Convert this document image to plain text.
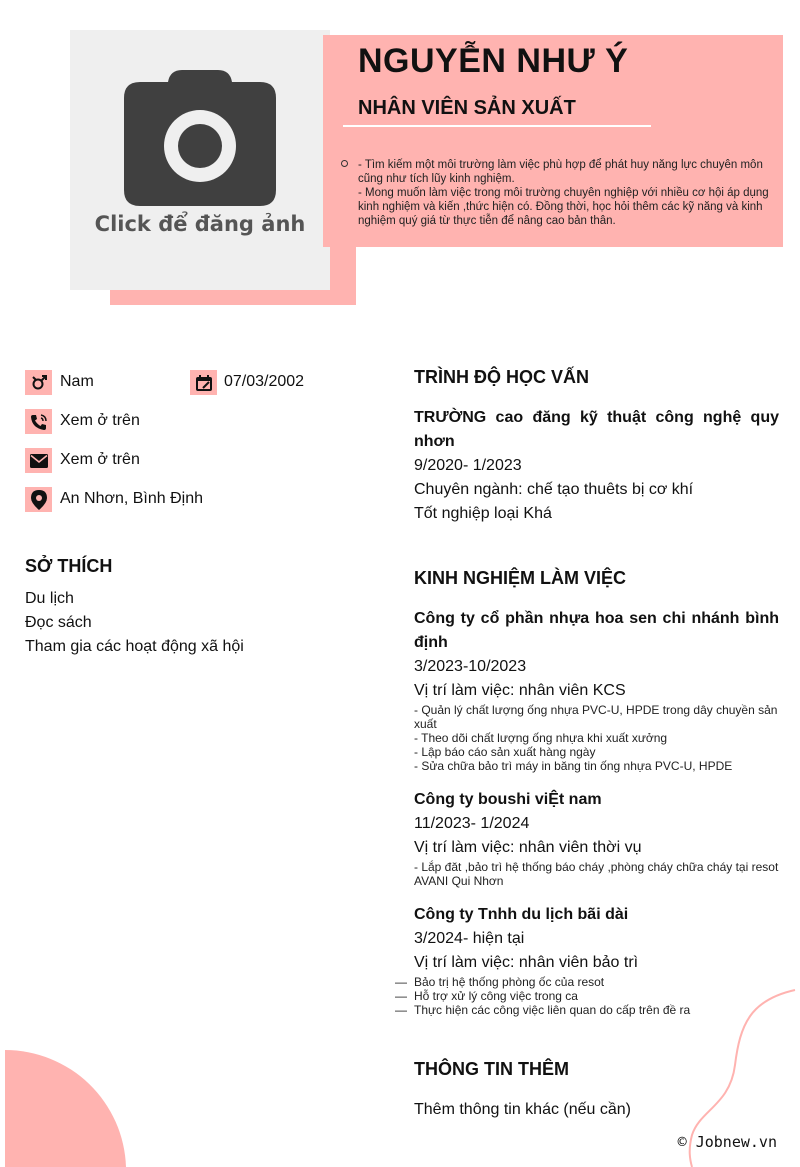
Click để đăng ảnh
NGUYỄN NHƯ Ý
NHÂN VIÊN SẢN XUẤT
- Tìm kiếm một môi trường làm việc phù hợp để phát huy năng lực chuyên môn cũng như tích lũy kinh nghiệm.
- Mong muốn làm việc trong môi trường chuyên nghiệp với nhiều cơ hội áp dụng kinh nghiệm và kiến ,thức hiện có. Đồng thời, học hỏi thêm các kỹ năng và kinh nghiệm quý giá từ thực tiễn để nâng cao bản thân.
Nam	07/03/2002
Xem ở trên
Xem ở trên
An Nhơn, Bình Định
SỞ THÍCH
Du lịch
Đọc sách
Tham gia các hoạt động xã hội
TRÌNH ĐỘ HỌC VẤN
TRƯỜNG cao đăng kỹ thuật công nghệ quy nhơn
9/2020- 1/2023
Chuyên ngành: chế tạo thuêts bị cơ khí
Tốt nghiệp loại Khá
KINH NGHIỆM LÀM VIỆC
Công ty cổ phần nhựa hoa sen chi nhánh bình định
3/2023-10/2023
Vị trí làm việc: nhân viên KCS
- Quản lý chất lượng ống nhựa PVC-U, HPDE trong dây chuyền sản xuất
- Theo dõi chất lượng ống nhựa khi xuất xưởng
- Lập báo cáo sản xuất hàng ngày
- Sửa chữa bảo trì máy in băng tin ống nhựa PVC-U, HPDE
Công ty boushi viỆt nam
11/2023- 1/2024
Vị trí làm việc: nhân viên thời vụ
- Lắp đăt ,bảo trì hệ thống báo cháy ,phòng cháy chữa cháy tại resot AVANI Qui Nhơn
Công ty Tnhh du lịch bãi dài
3/2024- hiện tại
Vị trí làm việc: nhân viên bảo trì
— Bảo trị hệ thống phòng ốc của resot
— Hỗ trợ xử lý công việc trong ca
— Thực hiện các công việc liên quan do cấp trên đề ra
THÔNG TIN THÊM
Thêm thông tin khác (nếu cần)
© Jobnew.vn
